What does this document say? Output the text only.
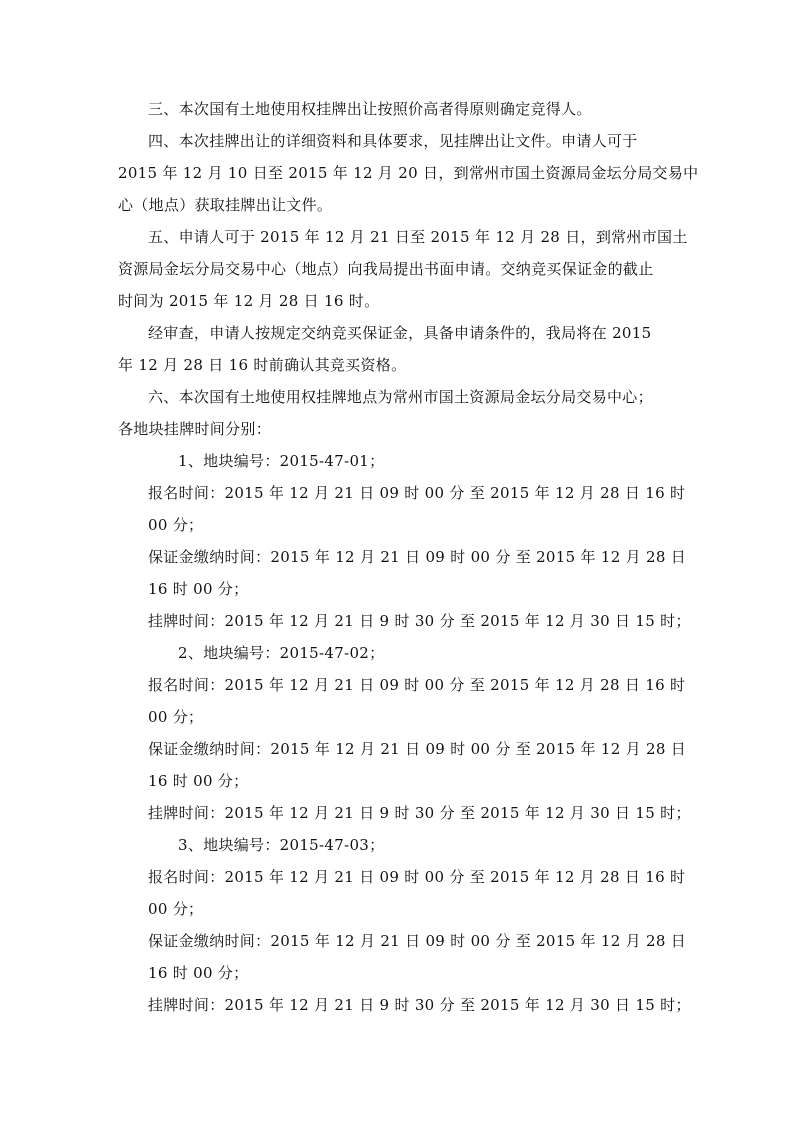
三、本次国有土地使用权挂牌出让按照价高者得原则确定竞得人。
四、本次挂牌出让的详细资料和具体要求，见挂牌出让文件。申请人可于
2015 年 12 月 10 日至 2015 年 12 月 20 日，到常州市国土资源局金坛分局交易中
心（地点）获取挂牌出让文件。
五、申请人可于 2015 年 12 月 21 日至 2015 年 12 月 28 日，到常州市国土
资源局金坛分局交易中心（地点）向我局提出书面申请。交纳竞买保证金的截止
时间为 2015 年 12 月 28 日 16 时。
经审查，申请人按规定交纳竞买保证金，具备申请条件的，我局将在 2015
年 12 月 28 日 16 时前确认其竞买资格。
六、本次国有土地使用权挂牌地点为常州市国土资源局金坛分局交易中心；
各地块挂牌时间分别：
1、地块编号：2015-47-01；
报名时间：2015 年 12 月 21 日 09 时 00 分 至 2015 年 12 月 28 日 16 时
00 分；
保证金缴纳时间：2015 年 12 月 21 日 09 时 00 分 至 2015 年 12 月 28 日
16 时 00 分；
挂牌时间：2015 年 12 月 21 日 9 时 30 分 至 2015 年 12 月 30 日 15 时；
2、地块编号：2015-47-02；
报名时间：2015 年 12 月 21 日 09 时 00 分 至 2015 年 12 月 28 日 16 时
00 分；
保证金缴纳时间：2015 年 12 月 21 日 09 时 00 分 至 2015 年 12 月 28 日
16 时 00 分；
挂牌时间：2015 年 12 月 21 日 9 时 30 分 至 2015 年 12 月 30 日 15 时；
3、地块编号：2015-47-03；
报名时间：2015 年 12 月 21 日 09 时 00 分 至 2015 年 12 月 28 日 16 时
00 分；
保证金缴纳时间：2015 年 12 月 21 日 09 时 00 分 至 2015 年 12 月 28 日
16 时 00 分；
挂牌时间：2015 年 12 月 21 日 9 时 30 分 至 2015 年 12 月 30 日 15 时；
